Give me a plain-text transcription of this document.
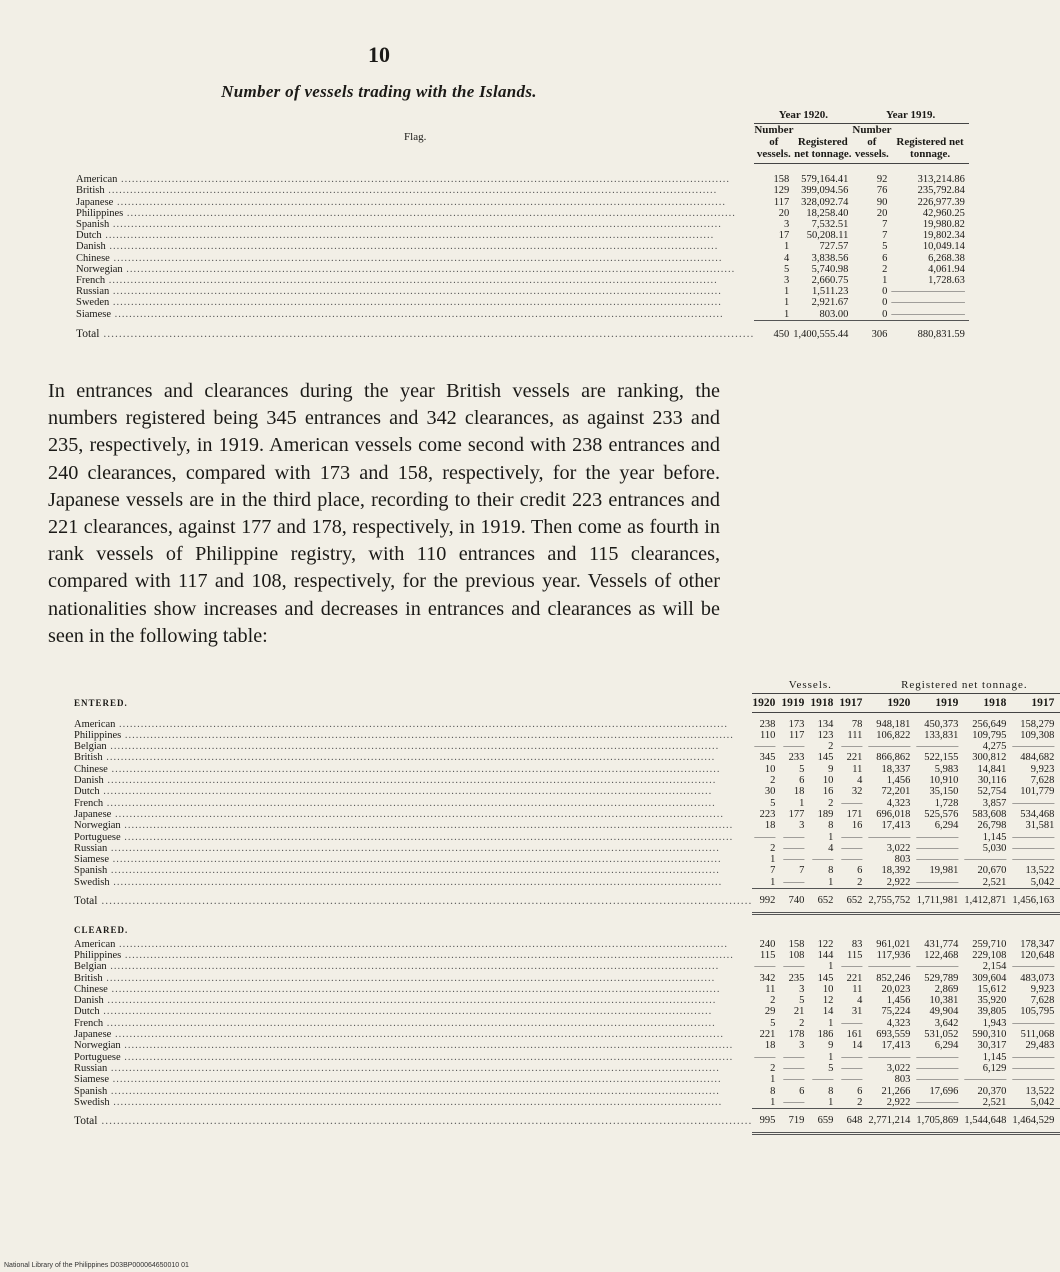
10
Number of vessels trading with the Islands.
Flag.	Year 1920.		Year 1919.	
	Number of vessels.	Registered net tonnage.	Number of vessels.	Registered net tonnage.

American .....	158	579,164.41	92	313,214.86

British .....	129	399,094.56	76	235,792.84

Japanese .....	117	328,092.74	90	226,977.39

Philippines .....	20	18,258.40	20	42,960.25

Spanish .....	3	7,532.51	7	19,980.82

Dutch .....	17	50,208.11	7	19,802.34

Danish .....	1	727.57	5	10,049.14

Chinese .....	4	3,838.56	6	6,268.38

Norwegian .....	5	5,740.98	2	4,061.94

French .....	3	2,660.75	1	1,728.63

Russian .....	1	1,511.23	0	———————

Sweden .....	1	2,921.67	0	———————

Siamese .....	1	803.00	0	———————

Total .....	450	1,400,555.44	306	880,831.59
In entrances and clearances during the year British vessels are ranking, the numbers registered being 345 entrances and 342 clearances, as against 233 and 235, respectively, in 1919. American vessels come second with 238 entrances and 240 clearances, compared with 173 and 158, respectively, for the year before. Japanese vessels are in the third place, recording to their credit 223 entrances and 221 clearances, against 177 and 178, respectively, in 1919. Then come as fourth in rank vessels of Philippine registry, with 110 entrances and 115 clearances, compared with 117 and 108, respectively, for the previous year. Vessels of other nationalities show increases and decreases in entrances and clearances as will be seen in the following table:
	Vessels.				Registered net tonnage.			
ENTERED.	1920	1919	1918	1917	1920	1919	1918	1917

American .....	238	173	134	78	948,181	450,373	256,649	158,279

Philippines .....	110	117	123	111	106,822	133,831	109,795	109,308

Belgian .....	——	——	2	——	————	————	4,275	————

British .....	345	233	145	221	866,862	522,155	300,812	484,682

Chinese .....	10	5	9	11	18,337	5,983	14,841	9,923

Danish .....	2	6	10	4	1,456	10,910	30,116	7,628

Dutch .....	30	18	16	32	72,201	35,150	52,754	101,779

French .....	5	1	2	——	4,323	1,728	3,857	————

Japanese .....	223	177	189	171	696,018	525,576	583,608	534,468

Norwegian .....	18	3	8	16	17,413	6,294	26,798	31,581

Portuguese .....	——	——	1	——	————	————	1,145	————

Russian .....	2	——	4	——	3,022	————	5,030	————

Siamese .....	1	——	——	——	803	————	————	————

Spanish .....	7	7	8	6	18,392	19,981	20,670	13,522

Swedish .....	1	——	1	2	2,922	————	2,521	5,042

Total .....	992	740	652	652	2,755,752	1,711,981	1,412,871	1,456,163
CLEARED.								

American .....	240	158	122	83	961,021	431,774	259,710	178,347

Philippines .....	115	108	144	115	117,936	122,468	229,108	120,648

Belgian .....	——	——	1	——	————	————	2,154	————

British .....	342	235	145	221	852,246	529,789	309,604	483,073

Chinese .....	11	3	10	11	20,023	2,869	15,612	9,923

Danish .....	2	5	12	4	1,456	10,381	35,920	7,628

Dutch .....	29	21	14	31	75,224	49,904	39,805	105,795

French .....	5	2	1	——	4,323	3,642	1,943	————

Japanese .....	221	178	186	161	693,559	531,052	590,310	511,068

Norwegian .....	18	3	9	14	17,413	6,294	30,317	29,483

Portuguese .....	——	——	1	——	————	————	1,145	————

Russian .....	2	——	5	——	3,022	————	6,129	————

Siamese .....	1	——	——	——	803	————	————	————

Spanish .....	8	6	8	6	21,266	17,696	20,370	13,522

Swedish .....	1	——	1	2	2,922	————	2,521	5,042

Total .....	995	719	659	648	2,771,214	1,705,869	1,544,648	1,464,529
National Library of the Philippines D03BP000064650010 01
